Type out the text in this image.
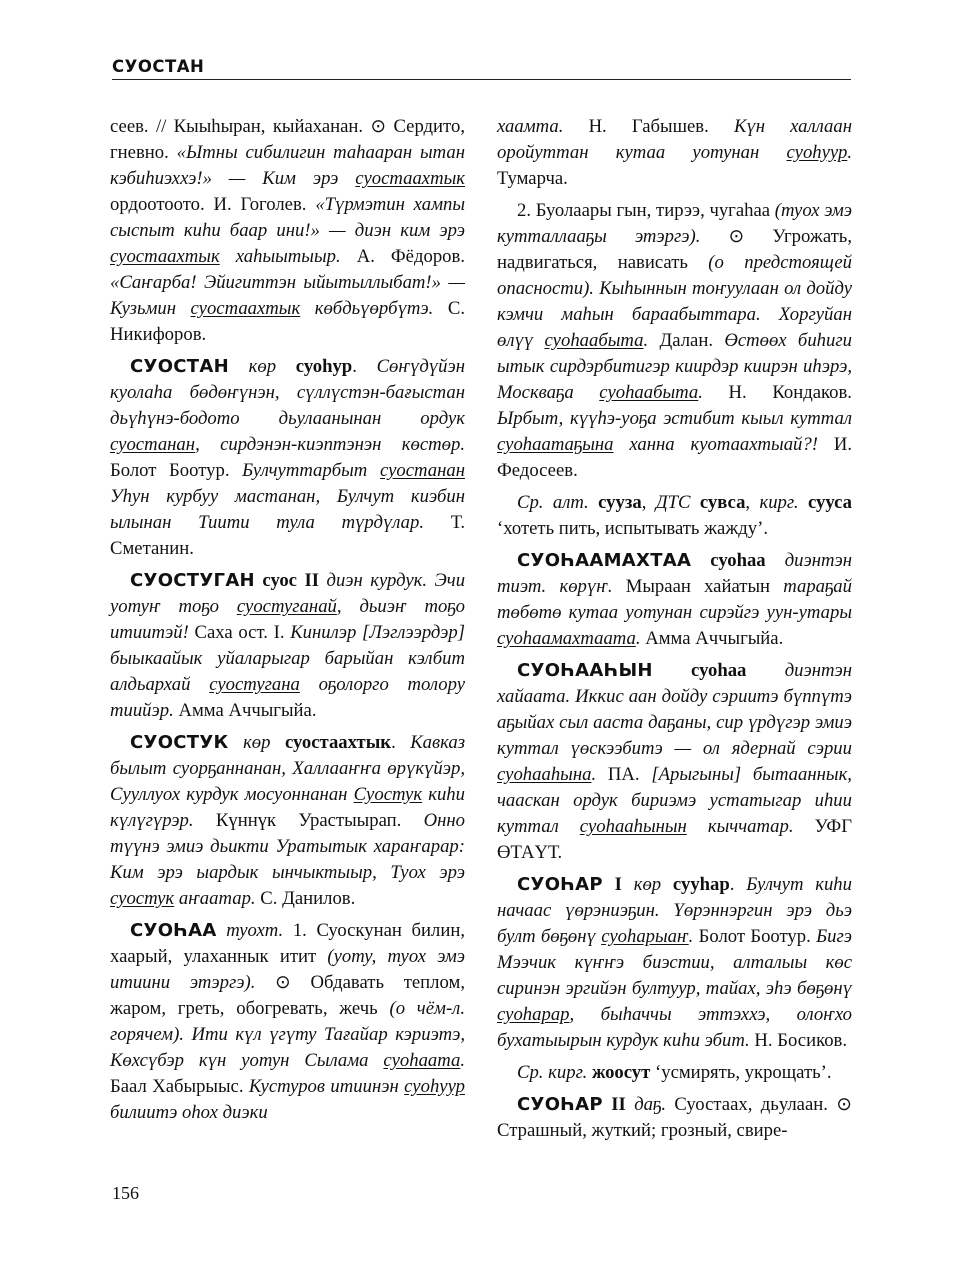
СУОСТАН

сеев. // Кыыһыран, кыйаханан. ⊙ Сердито, гневно. «Ытны сибилигин таһааран ытан кэбиһиэххэ!» — Ким эрэ суостаахтык ордоотоото. И. Гоголев. «Түрмэтин хампы сыспыт киһи баар ини!» — диэн ким эрэ суостаахтык хаһыытыыр. А. Фёдоров. «Саҥарба! Эйигиттэн ыйытыллыбат!» — Кузьмин суостаахтык көбдьүөрбүтэ. С. Никифоров.

СУОСТАН көр суоһур. Сөҥүдүйэн куолаһа бөдөҥүнэн, сүллүстэн-бағыстан дьүһүнэ-бодото дьулаанынан ордук суостанан, сирдэнэн-киэптэнэн көстөр. Болот Боотур. Булчуттарбыт суостанан Уһун курбуу мастанан, Булчут киэбин ылынан Тиити тула түрдүлар. Т. Сметанин.

СУОСТУГАН суос II диэн курдук. Эчи уотуҥ тоҕо суостуганай, дьиэҥ тоҕо итиитэй! Саха ост. I. Кинилэр [Лэглээрдэр] быыкаайык уйаларыгар барыйан кэлбит алдьархай суостугана оҕолорго толору тиийэр. Амма Аччыгыйа.

СУОСТУК көр суостаахтык. Кавказ былыт суорҕаннанан, Халлааҥҥа өрүкүйэр, Сууллуох курдук мосуоннанан Суостук киһи күлүгүрэр. Күннүк Урастыырап. Онно түүнэ эмиэ дьикти Уратытык хараҥарар: Ким эрэ ыардык ынчыктыыр, Туох эрэ суостук аҥаатар. С. Данилов.

СУОҺАА туохт. 1. Суоскунан билин, хаарый, улаханнык итит (уоту, туох эмэ итиини этэргэ). ⊙ Обдавать теплом, жаром, греть, обогревать, жечь (о чём-л. горячем). Ити күл үгүту Тағайар кэриэтэ, Көхсүбэр күн уотун Сылама суоһаата. Баал Хабырыыс. Кустуров итиинэн суоһуур билиитэ оһох диэки

хаамта. Н. Габышев. Күн халлаан оройуттан кутаа уотунан суоһуур. Тумарча.

2. Буолаары гын, тирээ, чугаһаа (туох эмэ кутталлааҕы этэргэ). ⊙ Угрожать, надвигаться, нависать (о предстоящей опасности). Кыһыннын тоҥуулаан ол дойду кэмчи маһын бараабыттара. Хоргуйан өлүү суоһаабыта. Далан. Өстөөх биһиги ытык сирдэрбитигэр киирдэр киирэн иһэрэ, Москваҕа суоһаабыта. Н. Кондаков. Ырбыт, күүһэ-уоҕа эстибит кыыл куттал суоһаатаҕына ханна куотаахтыай?! И. Федосеев.

Ср. алт. сууза, ДТС сувса, кирг. сууса ‘хотеть пить, испытывать жажду’.

СУОҺААМАХТАА суоһаа диэнтэн тиэт. көрүҥ. Мыраан хайатын тараҕай төбөтө кутаа уотунан сирэйгэ уун-утары суоһаамахтаата. Амма Аччыгыйа.

СУОҺААҺЫН суоһаа диэнтэн хайаата. Иккис аан дойду сэриитэ бүппүтэ аҕыйах сыл ааста даҕаны, сир үрдүгэр эмиэ куттал үөскээбитэ — ол ядернай сэрии суоһааһына. ПА. [Арыгыны] бытааннык, чааскан ордук бириэмэ устатыгар иһии куттал суоһааһынын кыччатар. УФГ ӨТАҮТ.

СУОҺАР I көр сууһар. Булчут киһи начаас үөрэниэҕин. Үөрэннэргин эрэ дьэ булт бөҕөнү суоһарыаҥ. Болот Боотур. Бигэ Мээчик күҥҥэ биэстии, алталыы көс сиринэн эргийэн бултуур, тайах, эһэ бөҕөнү суоһарар, быһаччы эттэххэ, олоҥхо бухатыырын курдук киһи эбит. Н. Босиков.

Ср. кирг. жоосут ‘усмирять, укрощать’.

СУОҺАР II даҕ. Суостаах, дьулаан. ⊙ Страшный, жуткий; грозный, свире-

156
